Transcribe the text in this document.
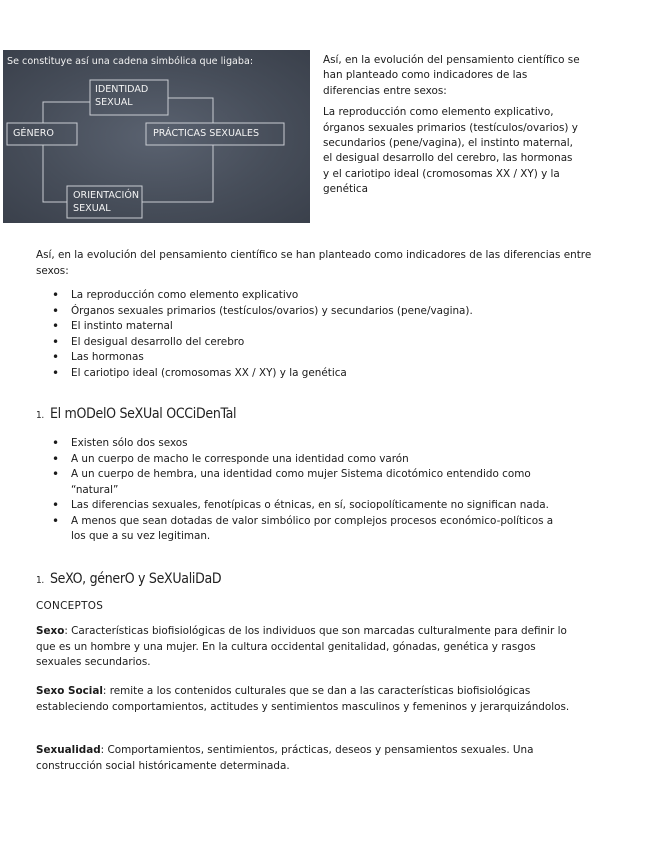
Se constituye así una cadena simbólica que ligaba:
IDENTIDAD
SEXUAL
GÉNERO	PRÁCTICAS SEXUALES
ORIENTACIÓN
SEXUAL

Así, en la evolución del pensamiento científico se han planteado como indicadores de las diferencias entre sexos:

La reproducción como elemento explicativo, órganos sexuales primarios (testículos/ovarios) y secundarios (pene/vagina), el instinto maternal, el desigual desarrollo del cerebro, las hormonas y el cariotipo ideal (cromosomas XX / XY) y la genética

Así, en la evolución del pensamiento científico se han planteado como indicadores de las diferencias entre sexos:

• La reproducción como elemento explicativo
• Órganos sexuales primarios (testículos/ovarios) y secundarios (pene/vagina).
• El instinto maternal
• El desigual desarrollo del cerebro
• Las hormonas
• El cariotipo ideal (cromosomas XX / XY) y la genética
1. El mODelO SeXUal OCCiDenTal
• Existen sólo dos sexos
• A un cuerpo de macho le corresponde una identidad como varón
• A un cuerpo de hembra, una identidad como mujer Sistema dicotómico entendido como “natural”
• Las diferencias sexuales, fenotípicas o étnicas, en sí, sociopolíticamente no significan nada.
• A menos que sean dotadas de valor simbólico por complejos procesos económico-políticos a los que a su vez legitiman.
1. SeXO, génerO y SeXUaliDaD
CONCEPTOS
Sexo: Características biofisiológicas de los individuos que son marcadas culturalmente para definir lo que es un hombre y una mujer. En la cultura occidental genitalidad, gónadas, genética y rasgos sexuales secundarios.
Sexo Social: remite a los contenidos culturales que se dan a las características biofisiológicas estableciendo comportamientos, actitudes y sentimientos masculinos y femeninos y jerarquizándolos.
Sexualidad: Comportamientos, sentimientos, prácticas, deseos y pensamientos sexuales. Una construcción social históricamente determinada.
